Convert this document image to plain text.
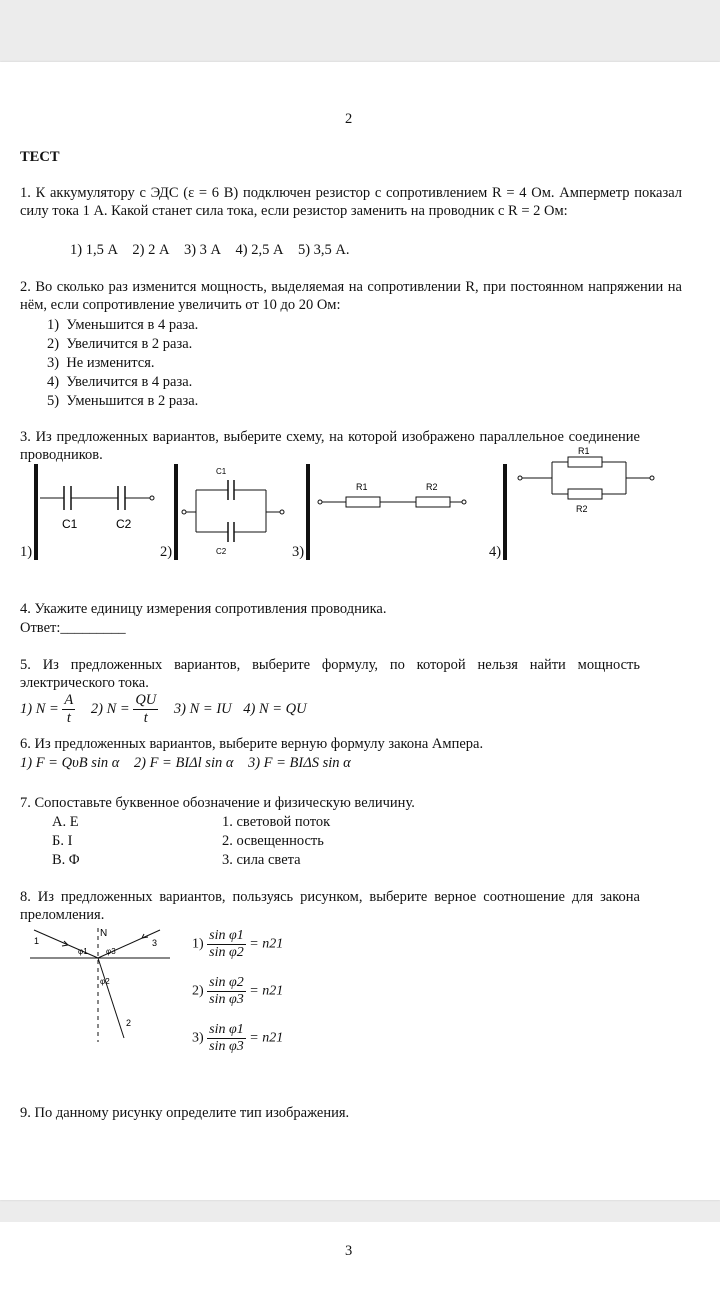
2
ТЕСТ
1. К аккумулятору с ЭДС (ε = 6 В) подключен резистор с сопротивлением R = 4 Ом. Амперметр показал силу тока 1 А. Какой станет сила тока, если резистор заменить на проводник с R = 2 Ом:
1) 1,5 А    2) 2 А    3) 3 А    4) 2,5 А    5) 3,5 А.
2. Во сколько раз изменится мощность, выделяемая на сопротивлении R, при постоянном напряжении на нём, если сопротивление увеличить от 10 до 20 Ом:
1)  Уменьшится в 4 раза.
2)  Увеличится в 2 раза.
3)  Не изменится.
4)  Увеличится в 4 раза.
5)  Уменьшится в 2 раза.
3. Из предложенных вариантов, выберите схему, на которой изображено параллельное соединение проводников.
C1	C2
C1
C2
R1	R2
R1
R2
1)	2)	3)	4)
4. Укажите единицу измерения сопротивления проводника.
Ответ:_________
5. Из предложенных вариантов, выберите формулу, по которой нельзя найти мощность электрического тока.
1) $N = \frac{A}{t} 2$) $N = \frac{QU}{t} 3$) N = IU 4) N = QU
6. Из предложенных вариантов, выберите верную формулу закона Ампера.
1) F = QυB sin α    2) F = BIΔl sin α    3) F = BIΔS sin α
7. Сопоставьте буквенное обозначение и физическую величину.
А. E
Б. I
В. Φ
1. световой поток
2. освещенность
3. сила света
8. Из предложенных вариантов, пользуясь рисунком, выберите верное соотношение для закона преломления.
N
1	3
2
φ1 φ3
φ2
$1) \frac{\text{sin φ1}}{\text{sin φ2}} = n21$
$2) \frac{\text{sin φ2}}{\text{sin φ3}} = n21$
$3) \frac{\text{sin φ1}}{\text{sin φ3}} = n21$
9. По данному рисунку определите тип изображения.
3
